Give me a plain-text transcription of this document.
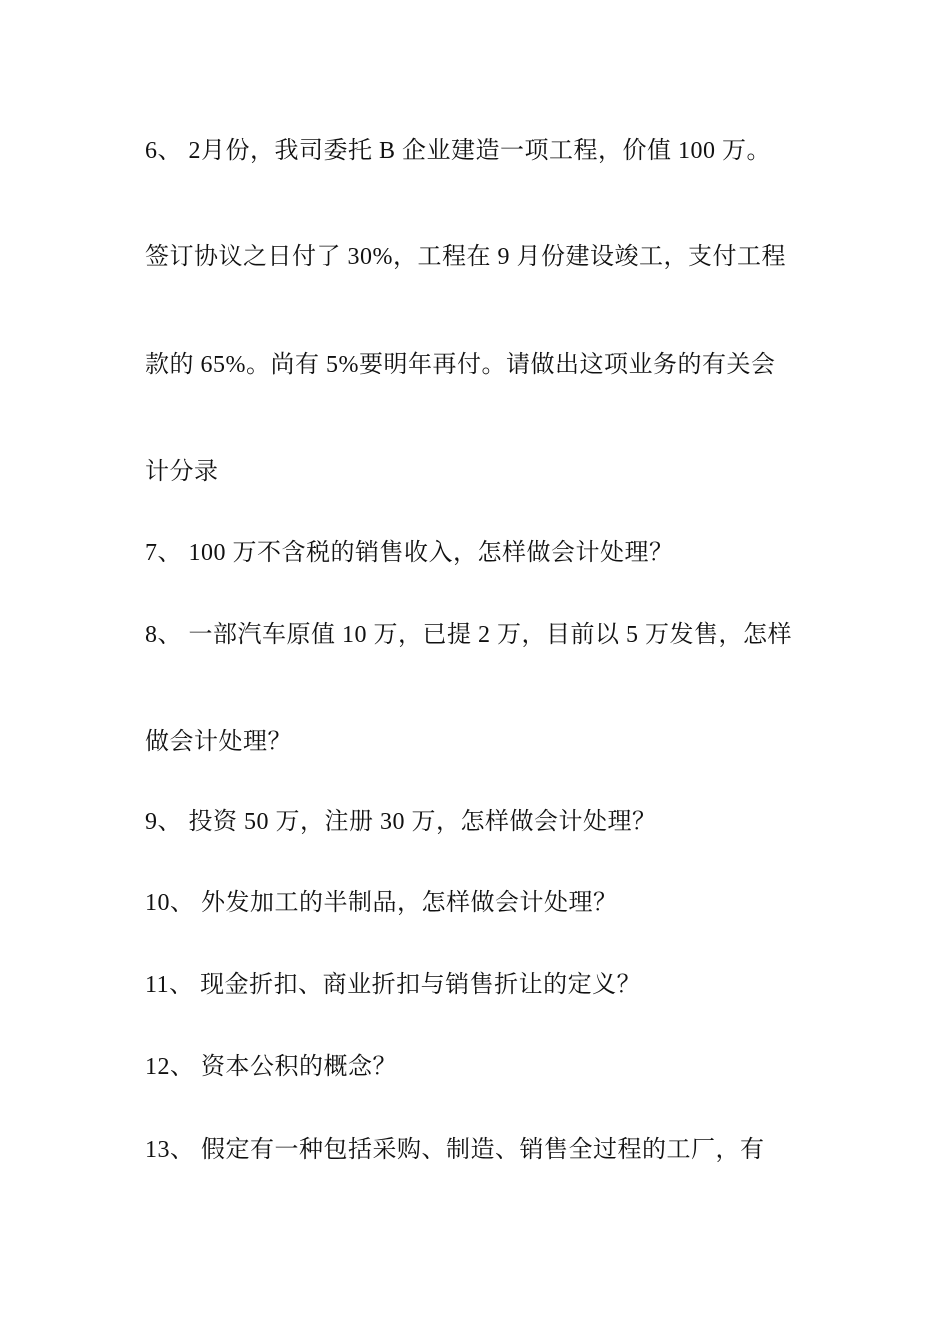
6、 2月份，我司委托 B 企业建造一项工程，价值 100 万。
签订协议之日付了 30%，工程在 9 月份建设竣工，支付工程
款的 65%。尚有 5%要明年再付。请做出这项业务的有关会
计分录
7、 100 万不含税的销售收入，怎样做会计处理？
8、 一部汽车原值 10 万，已提 2 万，目前以 5 万发售，怎样
做会计处理？
9、 投资 50 万，注册 30 万，怎样做会计处理？
10、 外发加工的半制品，怎样做会计处理？
11、 现金折扣、商业折扣与销售折让的定义？
12、 资本公积的概念？
13、 假定有一种包括采购、制造、销售全过程的工厂，有
